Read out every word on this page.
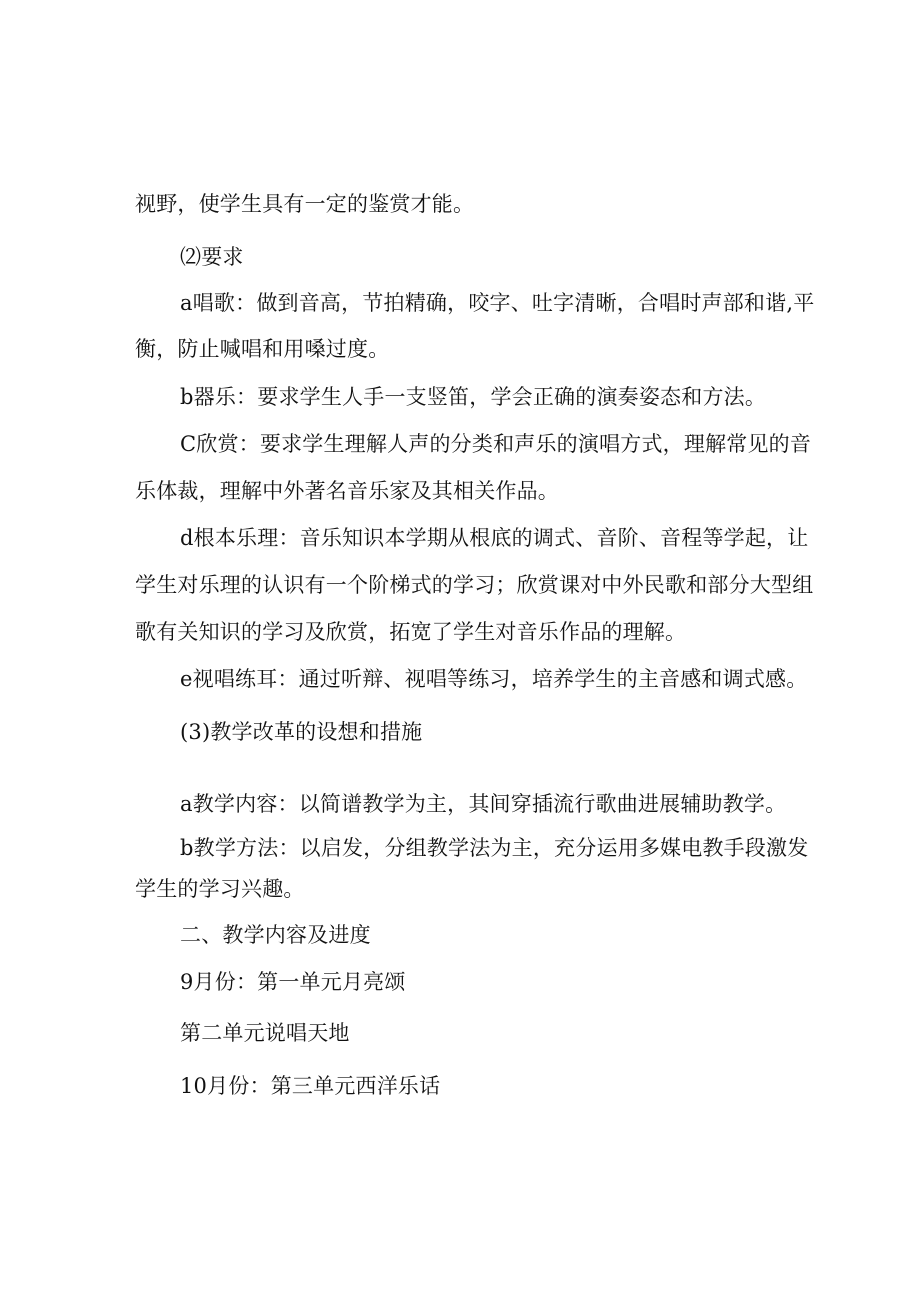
视野，使学生具有一定的鉴赏才能。
⑵要求
a唱歌：做到音高，节拍精确，咬字、吐字清晰，合唱时声部和谐,平
衡，防止喊唱和用嗓过度。
b器乐：要求学生人手一支竖笛，学会正确的演奏姿态和方法。
C欣赏：要求学生理解人声的分类和声乐的演唱方式，理解常见的音
乐体裁，理解中外著名音乐家及其相关作品。
d根本乐理：音乐知识本学期从根底的调式、音阶、音程等学起，让
学生对乐理的认识有一个阶梯式的学习；欣赏课对中外民歌和部分大型组
歌有关知识的学习及欣赏，拓宽了学生对音乐作品的理解。
e视唱练耳：通过听辩、视唱等练习，培养学生的主音感和调式感。
(3)教学改革的设想和措施
a教学内容：以简谱教学为主，其间穿插流行歌曲进展辅助教学。
b教学方法：以启发，分组教学法为主，充分运用多媒电教手段激发
学生的学习兴趣。
二、教学内容及进度
9月份：第一单元月亮颂
第二单元说唱天地
10月份：第三单元西洋乐话
